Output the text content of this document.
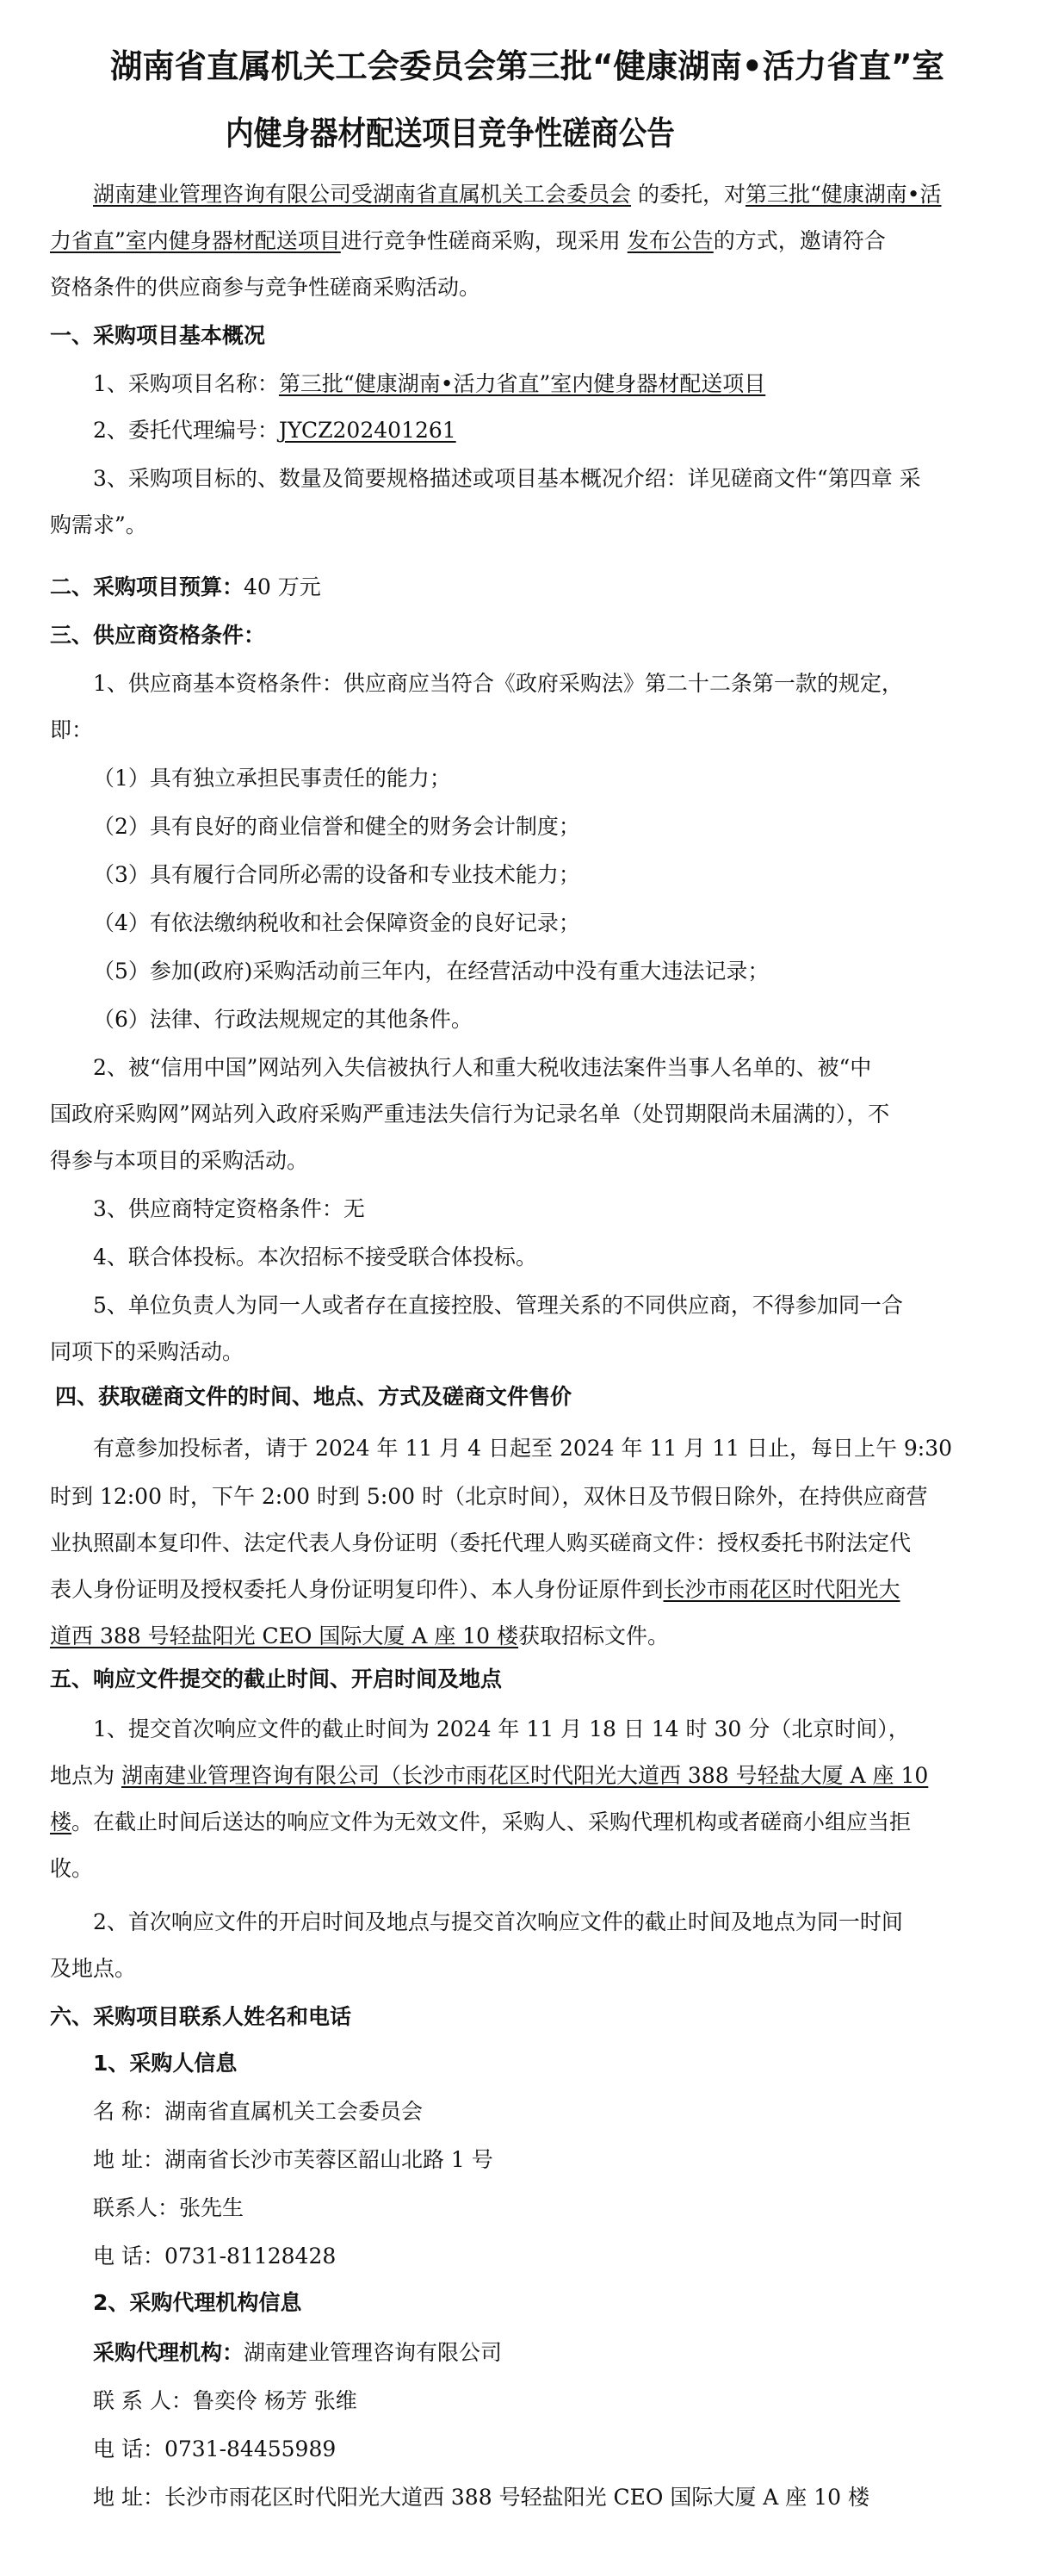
湖南省直属机关工会委员会第三批“健康湖南•活力省直”室
内健身器材配送项目竞争性磋商公告
湖南建业管理咨询有限公司受湖南省直属机关工会委员会 的委托，对第三批“健康湖南•活
力省直”室内健身器材配送项目进行竞争性磋商采购，现采用 发布公告的方式，邀请符合
资格条件的供应商参与竞争性磋商采购活动。
一、采购项目基本概况
1、采购项目名称：第三批“健康湖南•活力省直”室内健身器材配送项目
2、委托代理编号：JYCZ202401261
3、采购项目标的、数量及简要规格描述或项目基本概况介绍：详见磋商文件“第四章 采
购需求”。
二、采购项目预算：40 万元
三、供应商资格条件：
1、供应商基本资格条件：供应商应当符合《政府采购法》第二十二条第一款的规定，
即：
（1）具有独立承担民事责任的能力；
（2）具有良好的商业信誉和健全的财务会计制度；
（3）具有履行合同所必需的设备和专业技术能力；
（4）有依法缴纳税收和社会保障资金的良好记录；
（5）参加(政府)采购活动前三年内，在经营活动中没有重大违法记录；
（6）法律、行政法规规定的其他条件。
2、被“信用中国”网站列入失信被执行人和重大税收违法案件当事人名单的、被“中
国政府采购网”网站列入政府采购严重违法失信行为记录名单（处罚期限尚未届满的），不
得参与本项目的采购活动。
3、供应商特定资格条件：无
4、联合体投标。本次招标不接受联合体投标。
5、单位负责人为同一人或者存在直接控股、管理关系的不同供应商，不得参加同一合
同项下的采购活动。
四、获取磋商文件的时间、地点、方式及磋商文件售价
有意参加投标者，请于 2024 年 11 月 4 日起至 2024 年 11 月 11 日止，每日上午 9:30
时到 12:00 时，下午 2:00 时到 5:00 时（北京时间），双休日及节假日除外，在持供应商营
业执照副本复印件、法定代表人身份证明（委托代理人购买磋商文件：授权委托书附法定代
表人身份证明及授权委托人身份证明复印件）、本人身份证原件到长沙市雨花区时代阳光大
道西 388 号轻盐阳光 CEO 国际大厦 A 座 10 楼获取招标文件。
五、响应文件提交的截止时间、开启时间及地点
1、提交首次响应文件的截止时间为 2024 年 11 月 18 日 14 时 30 分（北京时间），
地点为 湖南建业管理咨询有限公司（长沙市雨花区时代阳光大道西 388 号轻盐大厦 A 座 10
楼。在截止时间后送达的响应文件为无效文件，采购人、采购代理机构或者磋商小组应当拒
收。
2、首次响应文件的开启时间及地点与提交首次响应文件的截止时间及地点为同一时间
及地点。
六、采购项目联系人姓名和电话
1、采购人信息
名 称：湖南省直属机关工会委员会
地 址：湖南省长沙市芙蓉区韶山北路 1 号
联系人：张先生
电 话：0731-81128428
2、采购代理机构信息
采购代理机构：湖南建业管理咨询有限公司
联 系 人：鲁奕伶 杨芳 张维
电 话：0731-84455989
地 址：长沙市雨花区时代阳光大道西 388 号轻盐阳光 CEO 国际大厦 A 座 10 楼
